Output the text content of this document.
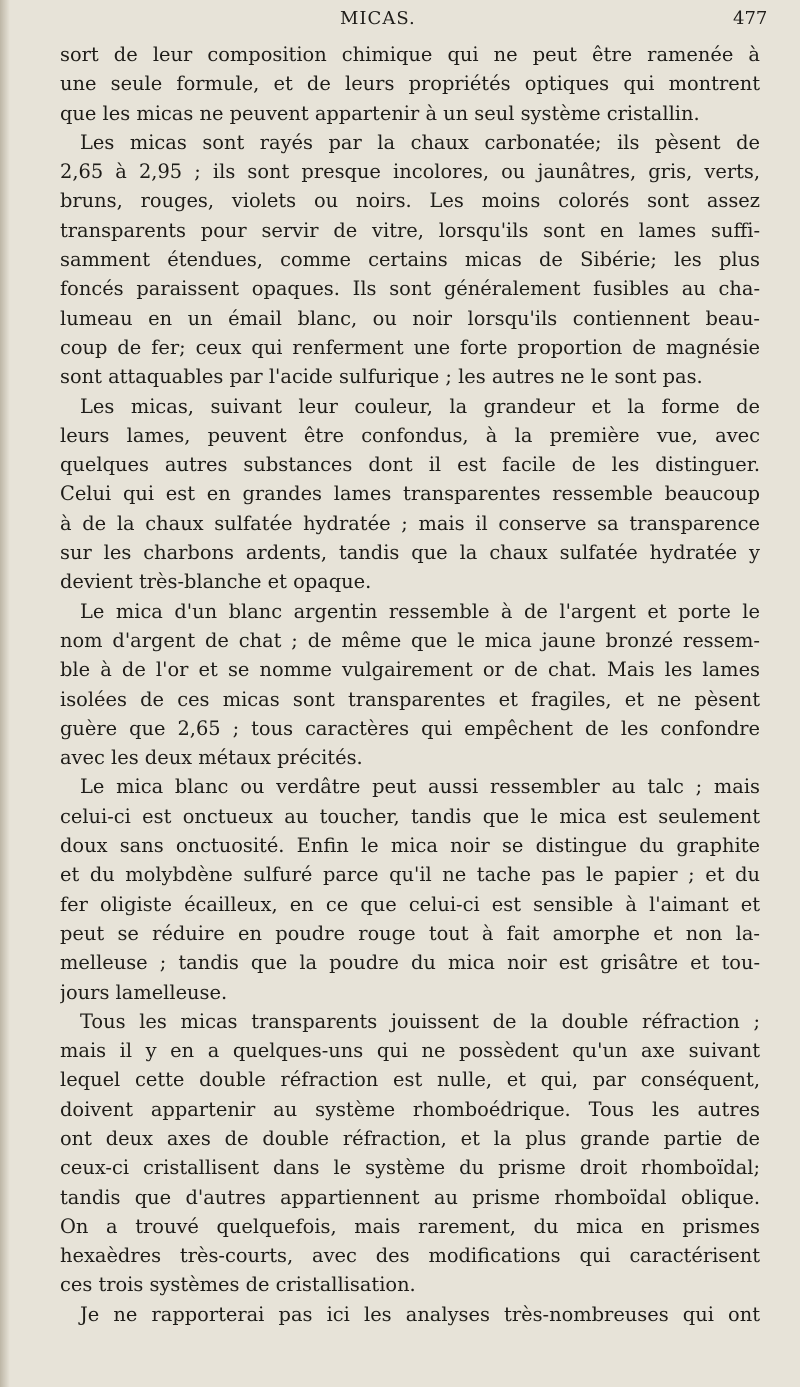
MICAS.	477
sort de leur composition chimique qui ne peut être ramenée à
une seule formule, et de leurs propriétés optiques qui montrent
que les micas ne peuvent appartenir à un seul système cristallin.
Les micas sont rayés par la chaux carbonatée; ils pèsent de
2,65 à 2,95 ; ils sont presque incolores, ou jaunâtres, gris, verts,
bruns, rouges, violets ou noirs. Les moins colorés sont assez
transparents pour servir de vitre, lorsqu'ils sont en lames suffi-
samment étendues, comme certains micas de Sibérie; les plus
foncés paraissent opaques. Ils sont généralement fusibles au cha-
lumeau en un émail blanc, ou noir lorsqu'ils contiennent beau-
coup de fer; ceux qui renferment une forte proportion de magnésie
sont attaquables par l'acide sulfurique ; les autres ne le sont pas.
Les micas, suivant leur couleur, la grandeur et la forme de
leurs lames, peuvent être confondus, à la première vue, avec
quelques autres substances dont il est facile de les distinguer.
Celui qui est en grandes lames transparentes ressemble beaucoup
à de la chaux sulfatée hydratée ; mais il conserve sa transparence
sur les charbons ardents, tandis que la chaux sulfatée hydratée y
devient très-blanche et opaque.
Le mica d'un blanc argentin ressemble à de l'argent et porte le
nom d'argent de chat ; de même que le mica jaune bronzé ressem-
ble à de l'or et se nomme vulgairement or de chat. Mais les lames
isolées de ces micas sont transparentes et fragiles, et ne pèsent
guère que 2,65 ; tous caractères qui empêchent de les confondre
avec les deux métaux précités.
Le mica blanc ou verdâtre peut aussi ressembler au talc ; mais
celui-ci est onctueux au toucher, tandis que le mica est seulement
doux sans onctuosité. Enfin le mica noir se distingue du graphite
et du molybdène sulfuré parce qu'il ne tache pas le papier ; et du
fer oligiste écailleux, en ce que celui-ci est sensible à l'aimant et
peut se réduire en poudre rouge tout à fait amorphe et non la-
melleuse ; tandis que la poudre du mica noir est grisâtre et tou-
jours lamelleuse.
Tous les micas transparents jouissent de la double réfraction ;
mais il y en a quelques-uns qui ne possèdent qu'un axe suivant
lequel cette double réfraction est nulle, et qui, par conséquent,
doivent appartenir au système rhomboédrique. Tous les autres
ont deux axes de double réfraction, et la plus grande partie de
ceux-ci cristallisent dans le système du prisme droit rhomboïdal;
tandis que d'autres appartiennent au prisme rhomboïdal oblique.
On a trouvé quelquefois, mais rarement, du mica en prismes
hexaèdres très-courts, avec des modifications qui caractérisent
ces trois systèmes de cristallisation.
Je ne rapporterai pas ici les analyses très-nombreuses qui ont
